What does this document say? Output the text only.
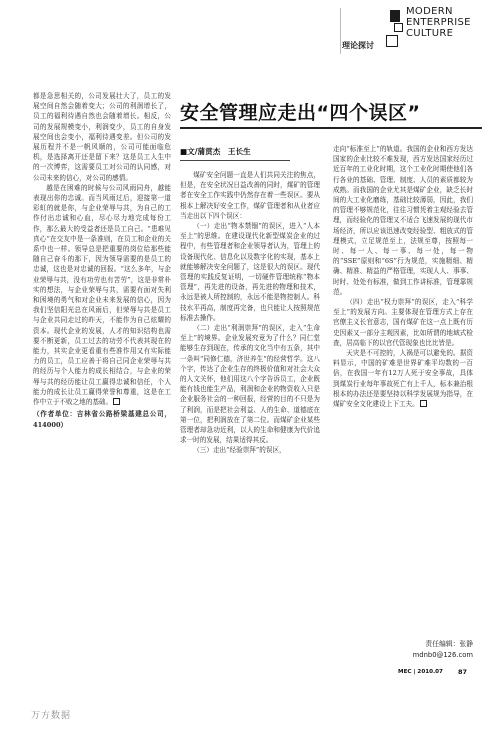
理论探讨
MODERN
ENTERPRISE
CULTURE

都是急思相关的，公司发展壮大了，员工的发展空间自然会随着变大；公司的利润增长了，员工的福利待遇自然也会随着增长。相反，公司的发展规模变小，利润变少，员工的自身发展空间也会变小，福利待遇变差。但公司的发展历程并不是一帆风顺的，公司可能面临危机，是选择离开还是留下来？这是员工人生中的一次博弈，这需要员工对公司的认同感，对公司未来的信心，对公司的感情。

越是在困难的时候与公司风雨同舟，越能表现出你的忠诚。而当风雨过后，迎接第一道彩虹的就是你，与企业荣辱与共，为自己的工作付出忠诚和心血，尽心尽力地完成每份工作，那么最大的受益者还是员工自己。“患难见真心”在交友中是一条准则，在员工和企业的关系中也一样。领导总是把重要的岗位给那些能随自己奋斗的那下，因为领导需要的是员工的忠诚，这也是对忠诚的回报。“这么多年，与企业荣辱与共，没有功劳也有苦劳”，这是非常朴实的想法，与企业荣辱与共，需要有面对失利和困境的勇气和对企业未来发展的信心，因为我们坚信阳光总在风雨后，但荣辱与共是员工与企业共同走过的昨天，不能作为自己炫耀的资本。现代企业的发展，人才的知识结构也需要不断更新，员工过去的功劳不代表其现在的能力，其实企业更看重有些准作用又有实际能力的员工，员工应善于将自己同企业荣辱与共的经历与个人能力的成长相结合，与企业的荣辱与共的经历能让员工赢得忠诚和信任，个人能力的成长让员工赢得荣誉和尊重，这是在工作中立于不败之地的基础。

（作者单位：吉林省公路桥梁基建总公司，414000）

安全管理应走出“四个误区”
■文/蒲贯杰　王长生

煤矿安全问题一直是人们共同关注的焦点，但是，在安全状况日益改善的同时，煤矿的管理者在安全工作实践中仍然存在着一些误区。要从根本上解决好安全工作，煤矿管理者和从业者应当走出以下四个误区：

（一）走出“物本禁锢”的误区，进入“人本至上”的思维。在建设现代化新型煤炭企业的过程中，有些管理者和企业领导者认为，管理上的设备现代化、信息化以及数字化的实现，基本上就能够解决安全问题了，这是很大的误区。现代管理的实践反复证明，一切硬件管理统称“物本管理”，再先进的设备，再先进的物理和技术，永远是被人所控制的，永远不能是物控制人。科技水平再高，制度再完备，也只能让人按照规范标准去操作。

（二）走出“利润崇拜”的误区，走入“生命至上”的境界。企业发展究竟为了什么？同仁堂能够生存到现在，传承的文化当中有五条，其中一条叫“同修仁德，济世养生”的经营哲学。这八个字，传达了企业生存的终极价值和对社会大众的人文关怀，他们用这八个字告诉员工，企业既能有钱也能生产品，利润和企业的物资收入只是企业服务社会的一种回报，经营的目的不只是为了利润，而是把社会利益、人的生命、道德底在第一位，把利润放在了第二位。而煤矿企业某些管理者却急功近利，以人的生命和健康为代价追求一时的发展，结果适得其反。

（三）走出“经验崇拜”的误区，

走向“标准至上”的轨道。我国的企业和西方发达国家的企业比较不难发现，西方发达国家经历过近百年的工业化时期，这个工业化时期使他们各行各业的基础、管理、制度、人员的素质都较为成熟。而我国的企业尤其是煤矿企业，缺乏长时间的大工业化磨练，基础比较薄弱，因此，我们的管理不够规范化，往往习惯凭着主观经验去管理，而经验化的管理又不适合飞速发展的现代市场经济，所以应该迅速改变经验型、粗放式的管理模式，立足规范至上，法规至尊，按照每一时、每一人、每一事、每一处，每一物的“SSE”原则和“6S”行为规范，实施精细、精确、精准、精益的严格管理，实现人人、事事、时时、处处有标准，做到工作讲标准，管理靠规范。

（四）走出“权力崇拜”的误区，走入“科学至上”的发展方向。主要体现在管理方式上存在官僚主义长官意志，国有煤矿在这一点上既有历史因素又一部分主观因素，比如所谓的地域式检查，居高临下的以官代管现象也比比皆是。

天灾是不可控的，人祸是可以避免的。据资料显示，中国的矿难是世界矿难平均数的一百倍，在我国一年有12万人死于安全事故，具体到煤炭行业每年事故死亡有上千人，标本兼治根根本的办法还是要坚持以科学发展规为指导，在煤矿安全文化建设上下工夫。

责任编辑：张静
mdnb0@126.com
MEC | 2010.07 87
万方数据
